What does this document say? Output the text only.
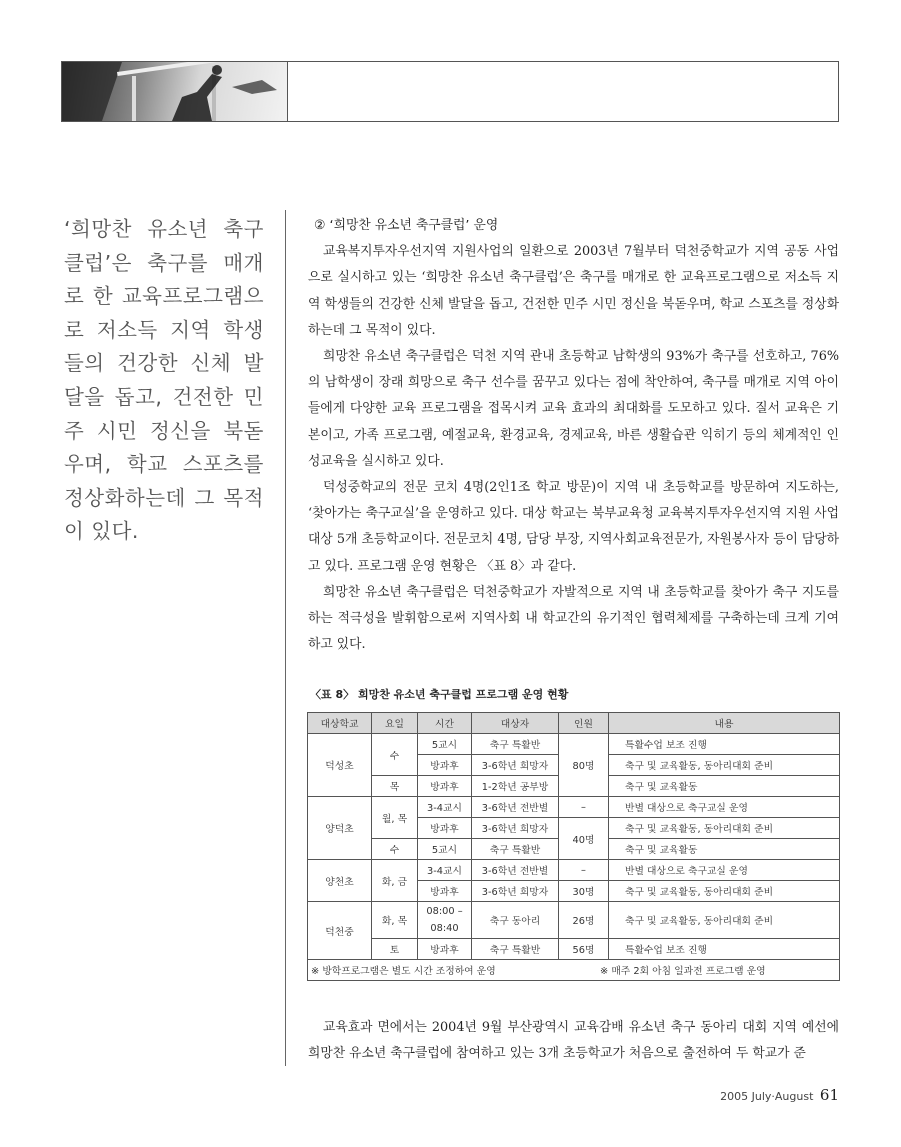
‘희망찬 유소년 축구클럽’은 축구를 매개로 한 교육프로그램으로 저소득 지역 학생들의 건강한 신체 발달을 돕고, 건전한 민주 시민 정신을 북돋우며, 학교 스포츠를 정상화하는데 그 목적이 있다.

② ‘희망찬 유소년 축구클럽’ 운영

교육복지투자우선지역 지원사업의 일환으로 2003년 7월부터 덕천중학교가 지역 공동 사업으로 실시하고 있는 ‘희망찬 유소년 축구클럽’은 축구를 매개로 한 교육프로그램으로 저소득 지역 학생들의 건강한 신체 발달을 돕고, 건전한 민주 시민 정신을 북돋우며, 학교 스포츠를 정상화하는데 그 목적이 있다.

희망찬 유소년 축구클럽은 덕천 지역 관내 초등학교 남학생의 93%가 축구를 선호하고, 76%의 남학생이 장래 희망으로 축구 선수를 꿈꾸고 있다는 점에 착안하여, 축구를 매개로 지역 아이들에게 다양한 교육 프로그램을 접목시켜 교육 효과의 최대화를 도모하고 있다. 질서 교육은 기본이고, 가족 프로그램, 예절교육, 환경교육, 경제교육, 바른 생활습관 익히기 등의 체계적인 인성교육을 실시하고 있다.

덕성중학교의 전문 코치 4명(2인1조 학교 방문)이 지역 내 초등학교를 방문하여 지도하는, ‘찾아가는 축구교실’을 운영하고 있다. 대상 학교는 북부교육청 교육복지투자우선지역 지원 사업 대상 5개 초등학교이다. 전문코치 4명, 담당 부장, 지역사회교육전문가, 자원봉사자 등이 담당하고 있다. 프로그램 운영 현황은 〈표 8〉과 같다.

희망찬 유소년 축구클럽은 덕천중학교가 자발적으로 지역 내 초등학교를 찾아가 축구 지도를 하는 적극성을 발휘함으로써 지역사회 내 학교간의 유기적인 협력체제를 구축하는데 크게 기여하고 있다.

〈표 8〉 희망찬 유소년 축구클럽 프로그램 운영 현황
대상학교	요일	시간	대상자	인원	내용
덕성초	수	5교시	축구 특활반	80명	특활수업 보조 진행
		방과후	3-6학년 희망자		축구 및 교육활동, 동아리대회 준비
	목	방과후	1-2학년 공부방		축구 및 교육활동
양덕초	월, 목	3-4교시	3-6학년 전반별	–	반별 대상으로 축구교실 운영
		방과후	3-6학년 희망자	40명	축구 및 교육활동, 동아리대회 준비
	수	5교시	축구 특활반		축구 및 교육활동
양천초	화, 금	3-4교시	3-6학년 전반별	–	반별 대상으로 축구교실 운영
		방과후	3-6학년 희망자	30명	축구 및 교육활동, 동아리대회 준비
덕천중	화, 목	08:00 –
08:40	축구 동아리	26명	축구 및 교육활동, 동아리대회 준비
	토	방과후	축구 특활반	56명	특활수업 보조 진행
※ 방학프로그램은 별도 시간 조정하여 운영 ※ 매주 2회 아침 일과전 프로그램 운영					
교육효과 면에서는 2004년 9월 부산광역시 교육감배 유소년 축구 동아리 대회 지역 예선에 희망찬 유소년 축구클럽에 참여하고 있는 3개 초등학교가 처음으로 출전하여 두 학교가 준
2005 July·August 61
